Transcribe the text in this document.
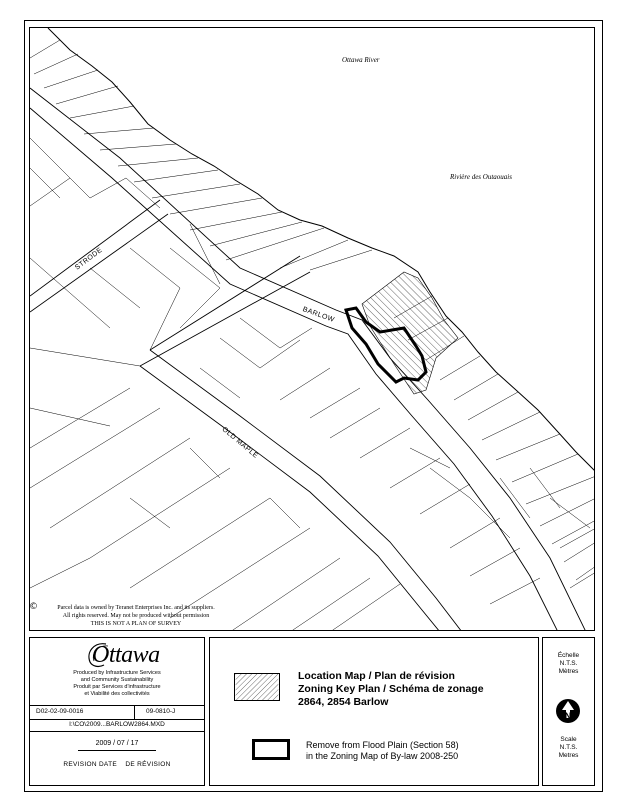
Ottawa River
Rivière des Outaouais
STRODE
BARLOW
OLD MAPLE
©	Parcel data is owned by Teranet Enterprises Inc. and its suppliers.
All rights reserved. May not be produced without permission
THIS IS NOT A PLAN OF SURVEY
Ottawa
Produced by Infrastructure Services
and Community Sustainability
Produit par Services d'infrastructure
et Viabilité des collectivités
D02-02-09-0016	09-0810-J
I:\CO\2009...BARLOW2864.MXD
2009 / 07 / 17
REVISION DATE    DE RÉVISION
Location Map / Plan de révision
Zoning Key Plan / Schéma de zonage
2864, 2854 Barlow
Remove from Flood Plain (Section 58)
in the Zoning Map of By-law 2008-250
Échelle
N.T.S.
Mètres
N
Scale
N.T.S.
Metres
